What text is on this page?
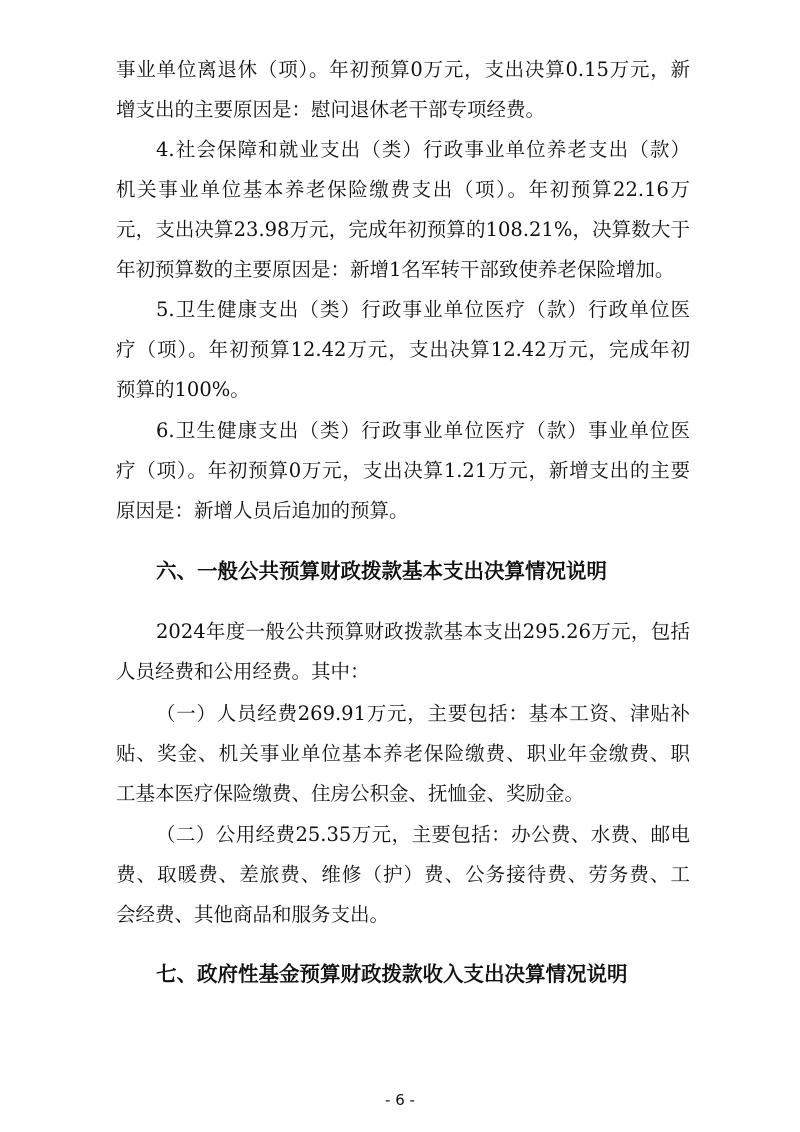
事业单位离退休（项）。年初预算0万元，支出决算0.15万元，新
增支出的主要原因是：慰问退休老干部专项经费。
4.社会保障和就业支出（类）行政事业单位养老支出（款）
机关事业单位基本养老保险缴费支出（项）。年初预算22.16万
元，支出决算23.98万元，完成年初预算的108.21%，决算数大于
年初预算数的主要原因是：新增1名军转干部致使养老保险增加。
5.卫生健康支出（类）行政事业单位医疗（款）行政单位医
疗（项）。年初预算12.42万元，支出决算12.42万元，完成年初
预算的100%。
6.卫生健康支出（类）行政事业单位医疗（款）事业单位医
疗（项）。年初预算0万元，支出决算1.21万元，新增支出的主要
原因是：新增人员后追加的预算。
六、一般公共预算财政拨款基本支出决算情况说明
2024年度一般公共预算财政拨款基本支出295.26万元，包括
人员经费和公用经费。其中：
（一）人员经费269.91万元，主要包括：基本工资、津贴补
贴、奖金、机关事业单位基本养老保险缴费、职业年金缴费、职
工基本医疗保险缴费、住房公积金、抚恤金、奖励金。
（二）公用经费25.35万元，主要包括：办公费、水费、邮电
费、取暖费、差旅费、维修（护）费、公务接待费、劳务费、工
会经费、其他商品和服务支出。
七、政府性基金预算财政拨款收入支出决算情况说明
- 6 -
